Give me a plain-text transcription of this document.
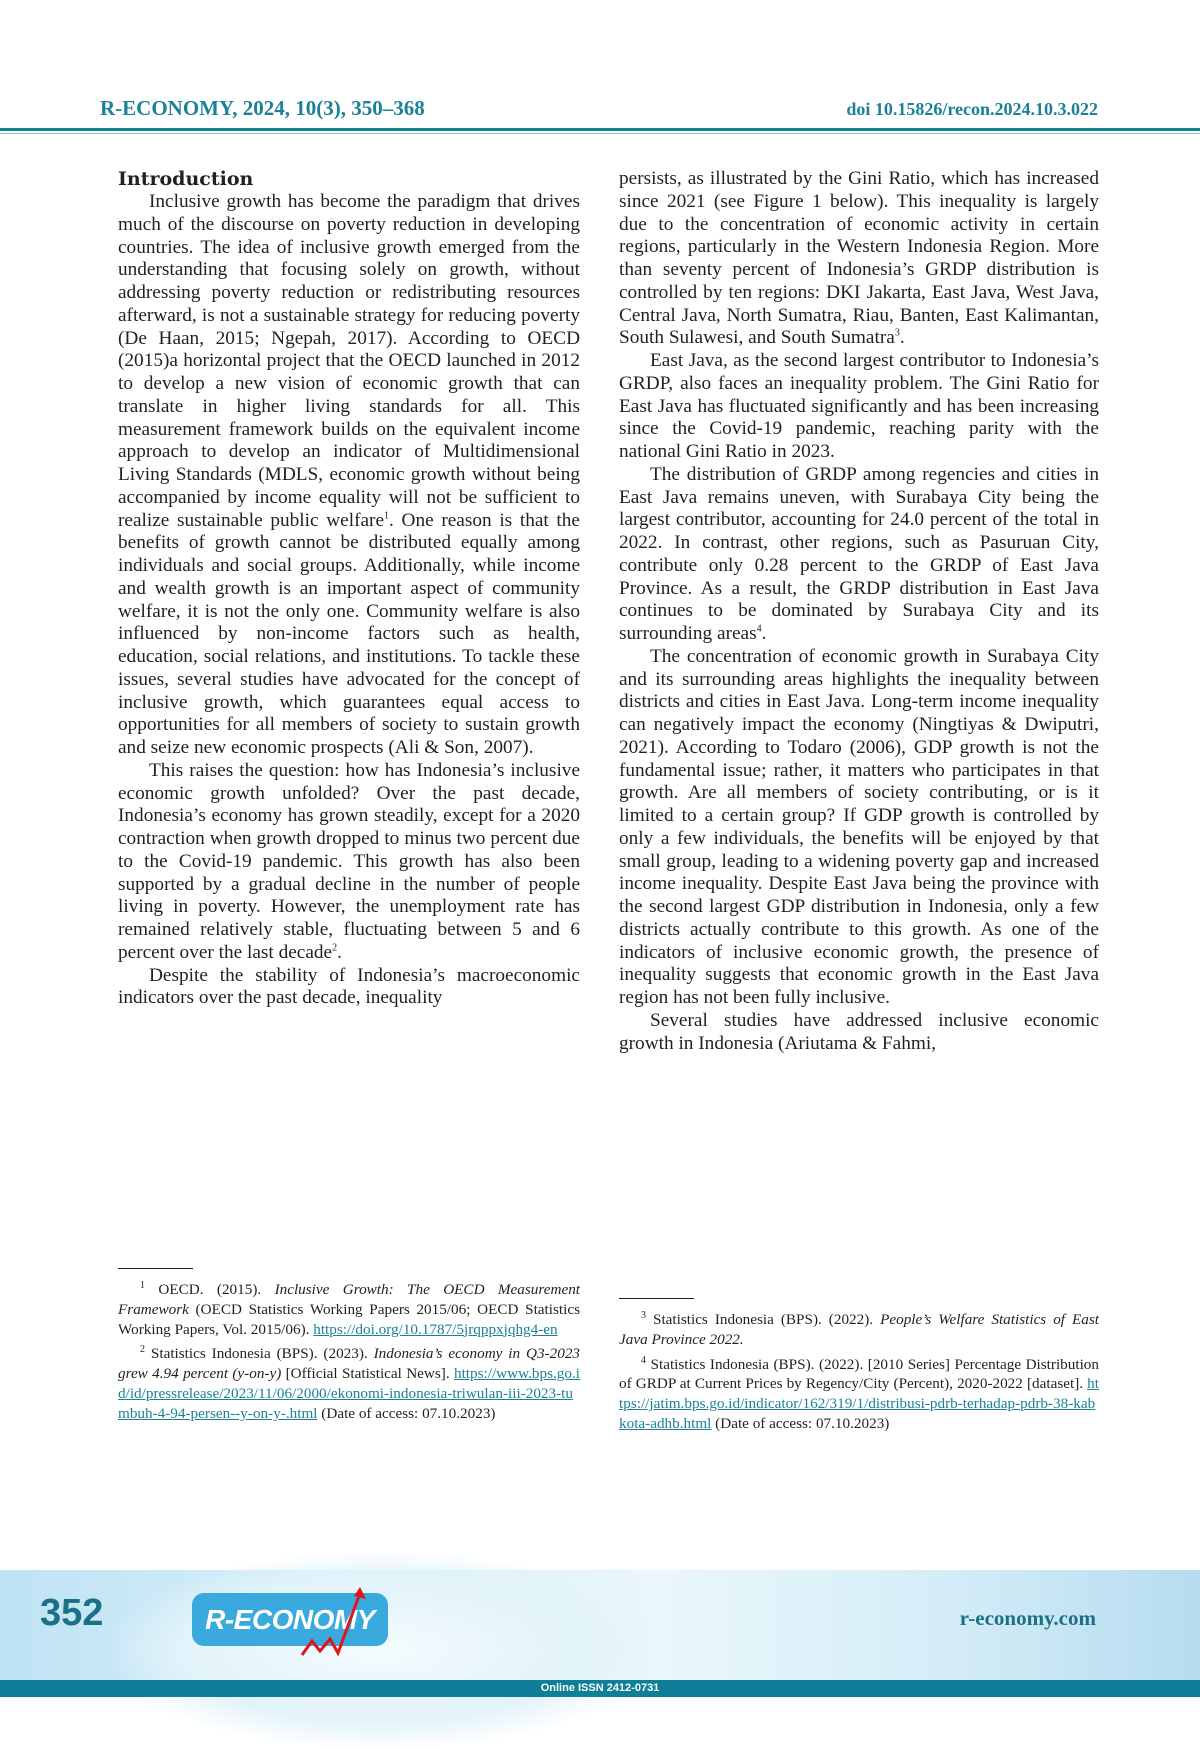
R-ECONOMY, 2024, 10(3), 350–368	doi 10.15826/recon.2024.10.3.022
Introduction

Inclusive growth has become the paradigm that drives much of the discourse on poverty reduction in developing countries. The idea of inclusive growth emerged from the understanding that focusing solely on growth, without addressing poverty reduction or redistributing resources afterward, is not a sustainable strategy for reducing poverty (De Haan, 2015; Ngepah, 2017). According to OECD (2015)a horizontal project that the OECD launched in 2012 to develop a new vision of economic growth that can translate in higher living standards for all. This measurement framework builds on the equivalent income approach to develop an indicator of Multidimensional Living Standards (MDLS, economic growth without being accompanied by income equality will not be sufficient to realize sustainable public welfare1. One reason is that the benefits of growth cannot be distributed equally among individuals and social groups. Additionally, while income and wealth growth is an important aspect of community welfare, it is not the only one. Community welfare is also influenced by non-income factors such as health, education, social relations, and institutions. To tackle these issues, several studies have advocated for the concept of inclusive growth, which guarantees equal access to opportunities for all members of society to sustain growth and seize new economic prospects (Ali & Son, 2007).

This raises the question: how has Indonesia’s inclusive economic growth unfolded? Over the past decade, Indonesia’s economy has grown steadily, except for a 2020 contraction when growth dropped to minus two percent due to the Covid-19 pandemic. This growth has also been supported by a gradual decline in the number of people living in poverty. However, the unemployment rate has remained relatively stable, fluctuating between 5 and 6 percent over the last decade2.

Despite the stability of Indonesia’s macroeconomic indicators over the past decade, inequality

persists, as illustrated by the Gini Ratio, which has increased since 2021 (see Figure 1 below). This inequality is largely due to the concentration of economic activity in certain regions, particularly in the Western Indonesia Region. More than seventy percent of Indonesia’s GRDP distribution is controlled by ten regions: DKI Jakarta, East Java, West Java, Central Java, North Sumatra, Riau, Banten, East Kalimantan, South Sulawesi, and South Sumatra3.

East Java, as the second largest contributor to Indonesia’s GRDP, also faces an inequality problem. The Gini Ratio for East Java has fluctuated significantly and has been increasing since the Covid-19 pandemic, reaching parity with the national Gini Ratio in 2023.

The distribution of GRDP among regencies and cities in East Java remains uneven, with Surabaya City being the largest contributor, accounting for 24.0 percent of the total in 2022. In contrast, other regions, such as Pasuruan City, contribute only 0.28 percent to the GRDP of East Java Province. As a result, the GRDP distribution in East Java continues to be dominated by Surabaya City and its surrounding areas4.

The concentration of economic growth in Surabaya City and its surrounding areas highlights the inequality between districts and cities in East Java. Long-term income inequality can negatively impact the economy (Ningtiyas & Dwiputri, 2021). According to Todaro (2006), GDP growth is not the fundamental issue; rather, it matters who participates in that growth. Are all members of society contributing, or is it limited to a certain group? If GDP growth is controlled by only a few individuals, the benefits will be enjoyed by that small group, leading to a widening poverty gap and increased income inequality. Despite East Java being the province with the second largest GDP distribution in Indonesia, only a few districts actually contribute to this growth. As one of the indicators of inclusive economic growth, the presence of inequality suggests that economic growth in the East Java region has not been fully inclusive.

Several studies have addressed inclusive economic growth in Indonesia (Ariutama & Fahmi,

1 OECD. (2015). Inclusive Growth: The OECD Measurement Framework (OECD Statistics Working Papers 2015/06; OECD Statistics Working Papers, Vol. 2015/06). https://doi.org/10.1787/5jrqppxjqhg4-en

2 Statistics Indonesia (BPS). (2023). Indonesia’s economy in Q3-2023 grew 4.94 percent (y-on-y) [Official Statistical News]. https://www.bps.go.id/id/pressrelease/2023/11/06/2000/ekonomi-indonesia-triwulan-iii-2023-tumbuh-4-94-persen--y-on-y-.html (Date of access: 07.10.2023)

3 Statistics Indonesia (BPS). (2022). People’s Welfare Statistics of East Java Province 2022.

4 Statistics Indonesia (BPS). (2022). [2010 Series] Percentage Distribution of GRDP at Current Prices by Regency/City (Percent), 2020-2022 [dataset]. https://jatim.bps.go.id/indicator/162/319/1/distribusi-pdrb-terhadap-pdrb-38-kabkota-adhb.html (Date of access: 07.10.2023)

352	R-ECONOMY	r-economy.com
Online ISSN 2412-0731
